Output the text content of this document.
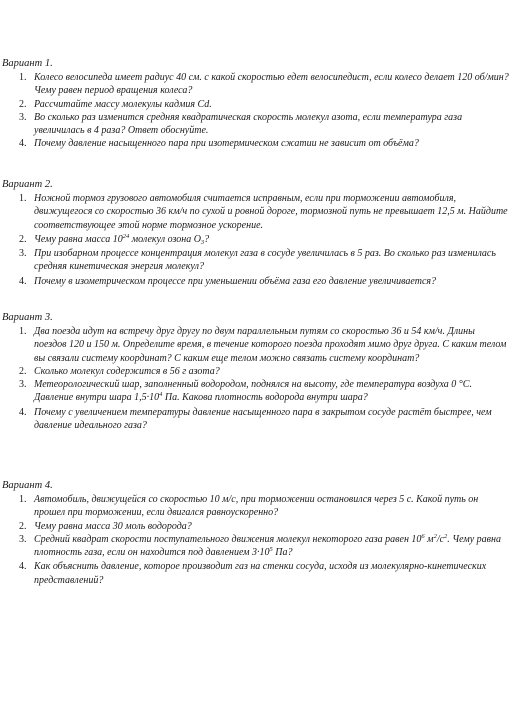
Вариант 1.
1. Колесо велосипеда имеет радиус 40 см. с какой скоростью едет велосипедист, если колесо делает 120 об/мин? Чему равен период вращения колеса?
2. Рассчитайте массу молекулы кадмия Cd.
3. Во сколько раз изменится средняя квадратическая скорость молекул азота, если температура газа увеличилась в 4 раза? Ответ обоснуйте.
4. Почему давление насыщенного пара при изотермическом сжатии не зависит от объёма?
Вариант 2.
1. Ножной тормоз грузового автомобиля считается исправным, если при торможении автомобиля, движущегося со скоростью 36 км/ч по сухой и ровной дороге, тормозной путь не превышает 12,5 м. Найдите соответствующее этой норме тормозное ускорение.
2. Чему равна масса $10^{24}$ молекул озона $O_3$?
3. При изобарном процессе концентрация молекул газа в сосуде увеличилась в 5 раз. Во сколько раз изменилась средняя кинетическая энергия молекул?
4. Почему в изометрическом процессе при уменьшении объёма газа его давление увеличивается?
Вариант 3.
1. Два поезда идут на встречу друг другу по двум параллельным путям со скоростью 36 и 54 км/ч. Длины поездов 120 и 150 м. Определите время, в течение которого поезда проходят мимо друг друга. С каким телом вы связали систему координат? С каким еще телом можно связать систему координат?
2. Сколько молекул содержится в 56 г азота?
3. Метеорологический шар, заполненный водородом, поднялся на высоту, где температура воздуха 0 °C. Давление внутри шара $1,5\cdot 10^4$ Па. Какова плотность водорода внутри шара?
4. Почему с увеличением температуры давление насыщенного пара в закрытом сосуде растёт быстрее, чем давление идеального газа?
Вариант 4.
1. Автомобиль, движущейся со скоростью 10 м/с, при торможении остановился через 5 с. Какой путь он прошел при торможении, если двигался равноускоренно?
2. Чему равна масса 30 моль водорода?
3. Средний квадрат скорости поступательного движения молекул некоторого газа равен $10^6$ $м^2/с^2$. Чему равна плотность газа, если он находится под давлением $3\cdot 10^5$ Па?
4. Как объяснить давление, которое производит газ на стенки сосуда, исходя из молекулярно-кинетических представлений?
